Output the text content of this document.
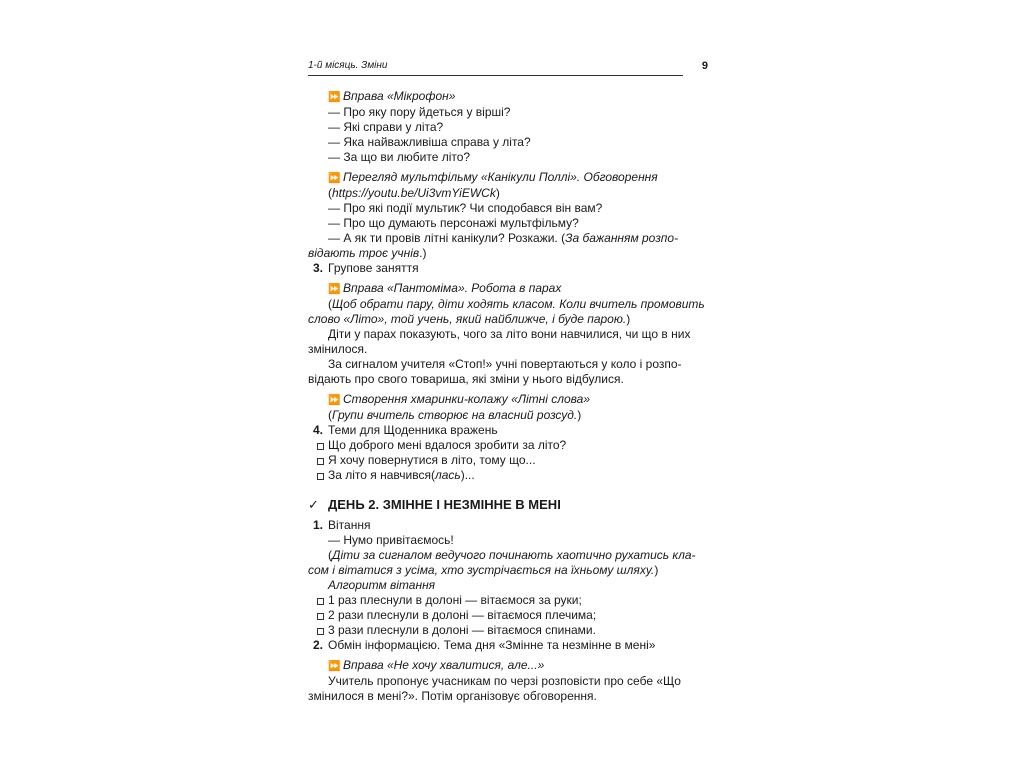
1-й місяць. Зміни	9

⏩ Вправа «Мікрофон»

— Про яку пору йдеться у вірші?

— Які справи у літа?

— Яка найважливіша справа у літа?

— За що ви любите літо?

⏩ Перегляд мультфільму «Канікули Поллі». Обговорення

(https://youtu.be/Ui3vmYiEWCk)

— Про які події мультик? Чи сподобався він вам?

— Про що думають персонажі мультфільму?

— А як ти провів літні канікули? Розкажи. (За бажанням розпо-

відають троє учнів.)

3. Групове заняття

⏩ Вправа «Пантоміма». Робота в парах

(Щоб обрати пару, діти ходять класом. Коли вчитель промовить

слово «Літо», той учень, який найближче, і буде парою.)

Діти у парах показують, чого за літо вони навчилися, чи що в них

змінилося.

За сигналом учителя «Стоп!» учні повертаються у коло і розпо-

відають про свого товариша, які зміни у нього відбулися.

⏩ Створення хмаринки-колажу «Літні слова»

(Групи вчитель створює на власний розсуд.)

4. Теми для Щоденника вражень

Що доброго мені вдалося зробити за літо?

Я хочу повернутися в літо, тому що...

За літо я навчився(лась)...

✓ ДЕНЬ 2. ЗМІННЕ І НЕЗМІННЕ В МЕНІ

1. Вітання

— Нумо привітаємось!

(Діти за сигналом ведучого починають хаотично рухатись кла-

сом і вітатися з усіма, хто зустрічається на їхньому шляху.)

Алгоритм вітання

1 раз плеснули в долоні — вітаємося за руки;

2 рази плеснули в долоні — вітаємося плечима;

3 рази плеснули в долоні — вітаємося спинами.

2. Обмін інформацією. Тема дня «Змінне та незмінне в мені»

⏩ Вправа «Не хочу хвалитися, але...»

Учитель пропонує учасникам по черзі розповісти про себе «Що

змінилося в мені?». Потім організовує обговорення.
